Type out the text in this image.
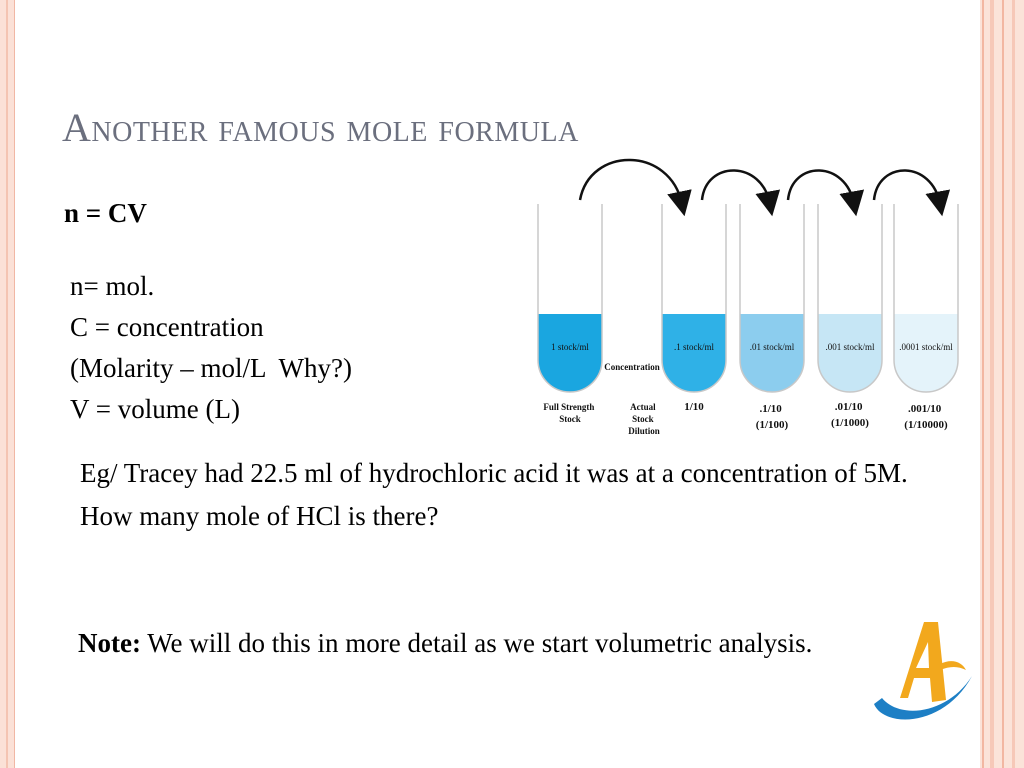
Another famous mole formula

n = CV

n= mol.
C = concentration
(Molarity – mol/L  Why?)
V = volume (L)
1 stock/ml	.1 stock/ml	.01 stock/ml	.001 stock/ml	.0001 stock/ml
Concentration
Full Strength Stock
Actual Stock Dilution
1/10	.1/10 (1/100)
.01/10 (1/1000)
.001/10 (1/10000)
Eg/ Tracey had 22.5 ml of hydrochloric acid it was at a concentration of 5M. How many mole of HCl is there?
Note: We will do this in more detail as we start volumetric analysis.
